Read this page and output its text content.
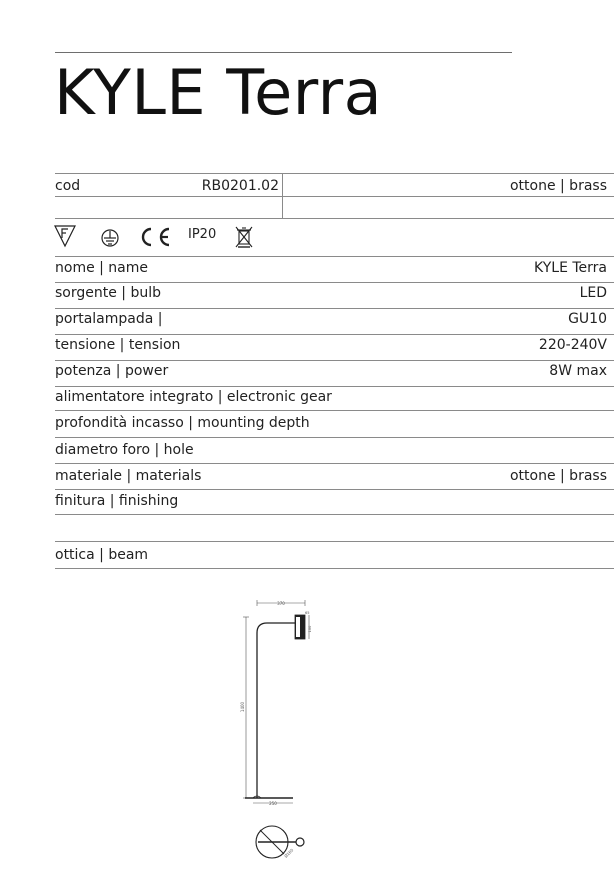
KYLE Terra
cod	RB0201.02	ottone | brass
IP20
nome | name	KYLE Terra
sorgente | bulb	LED
portalampada |	GU10
tensione | tension	220-240V
potenza | power	8W max
alimentatore integrato | electronic gear
profondità incasso | mounting depth
diametro foro | hole
materiale | materials	ottone | brass
finitura | finishing
ottica | beam
370
1400
100
65
250
Ø160
